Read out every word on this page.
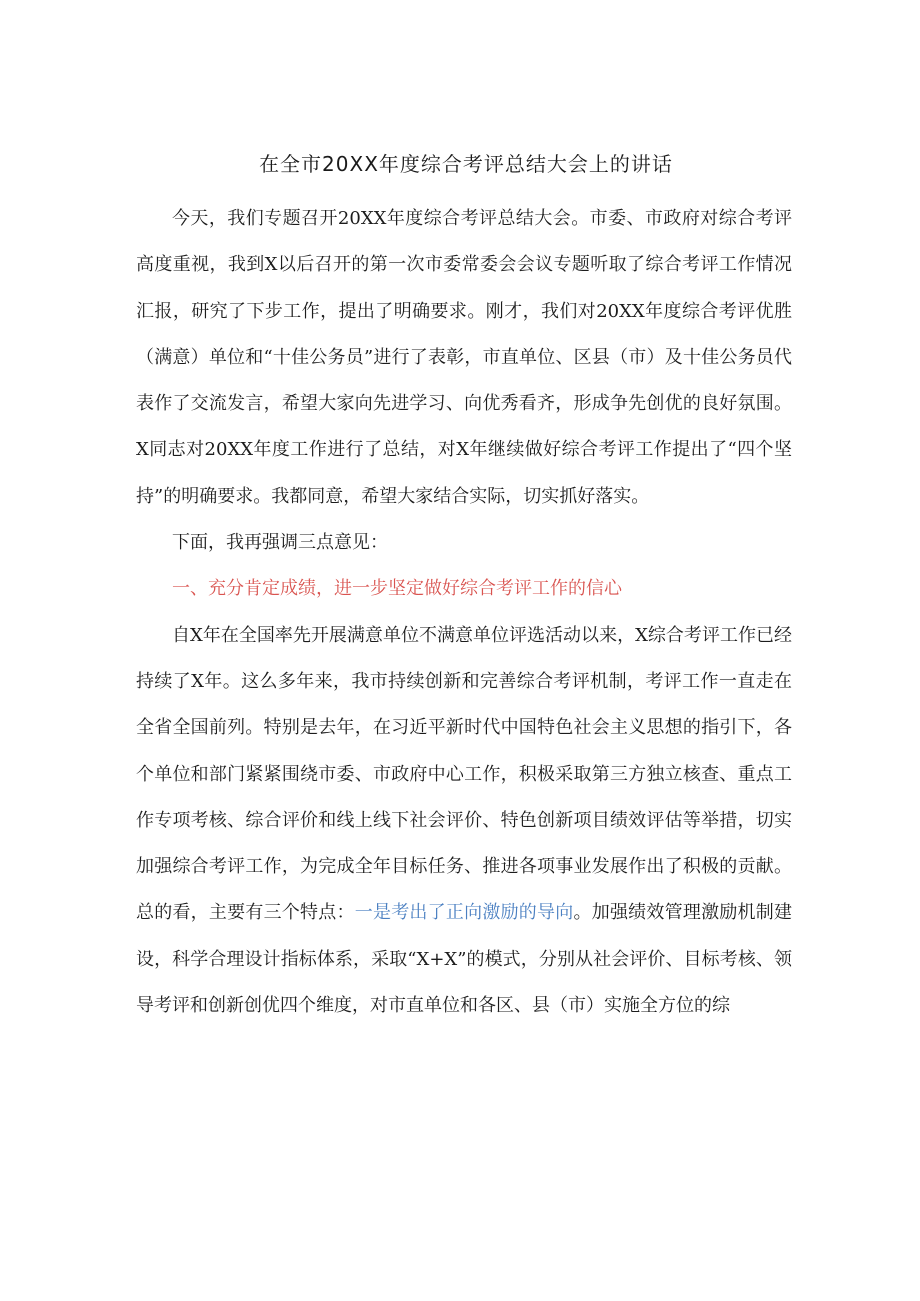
在全市20XX年度综合考评总结大会上的讲话

今天，我们专题召开20XX年度综合考评总结大会。市委、市政府对综合考评高度重视，我到X以后召开的第一次市委常委会会议专题听取了综合考评工作情况汇报，研究了下步工作，提出了明确要求。刚才，我们对20XX年度综合考评优胜（满意）单位和“十佳公务员”进行了表彰，市直单位、区县（市）及十佳公务员代表作了交流发言，希望大家向先进学习、向优秀看齐，形成争先创优的良好氛围。X同志对20XX年度工作进行了总结，对X年继续做好综合考评工作提出了“四个坚持”的明确要求。我都同意，希望大家结合实际，切实抓好落实。

下面，我再强调三点意见：

一、充分肯定成绩，进一步坚定做好综合考评工作的信心

自X年在全国率先开展满意单位不满意单位评选活动以来，X综合考评工作已经持续了X年。这么多年来，我市持续创新和完善综合考评机制，考评工作一直走在全省全国前列。特别是去年，在习近平新时代中国特色社会主义思想的指引下，各个单位和部门紧紧围绕市委、市政府中心工作，积极采取第三方独立核查、重点工作专项考核、综合评价和线上线下社会评价、特色创新项目绩效评估等举措，切实加强综合考评工作，为完成全年目标任务、推进各项事业发展作出了积极的贡献。总的看，主要有三个特点：一是考出了正向激励的导向。加强绩效管理激励机制建设，科学合理设计指标体系，采取“X+X”的模式，分别从社会评价、目标考核、领导考评和创新创优四个维度，对市直单位和各区、县（市）实施全方位的综
